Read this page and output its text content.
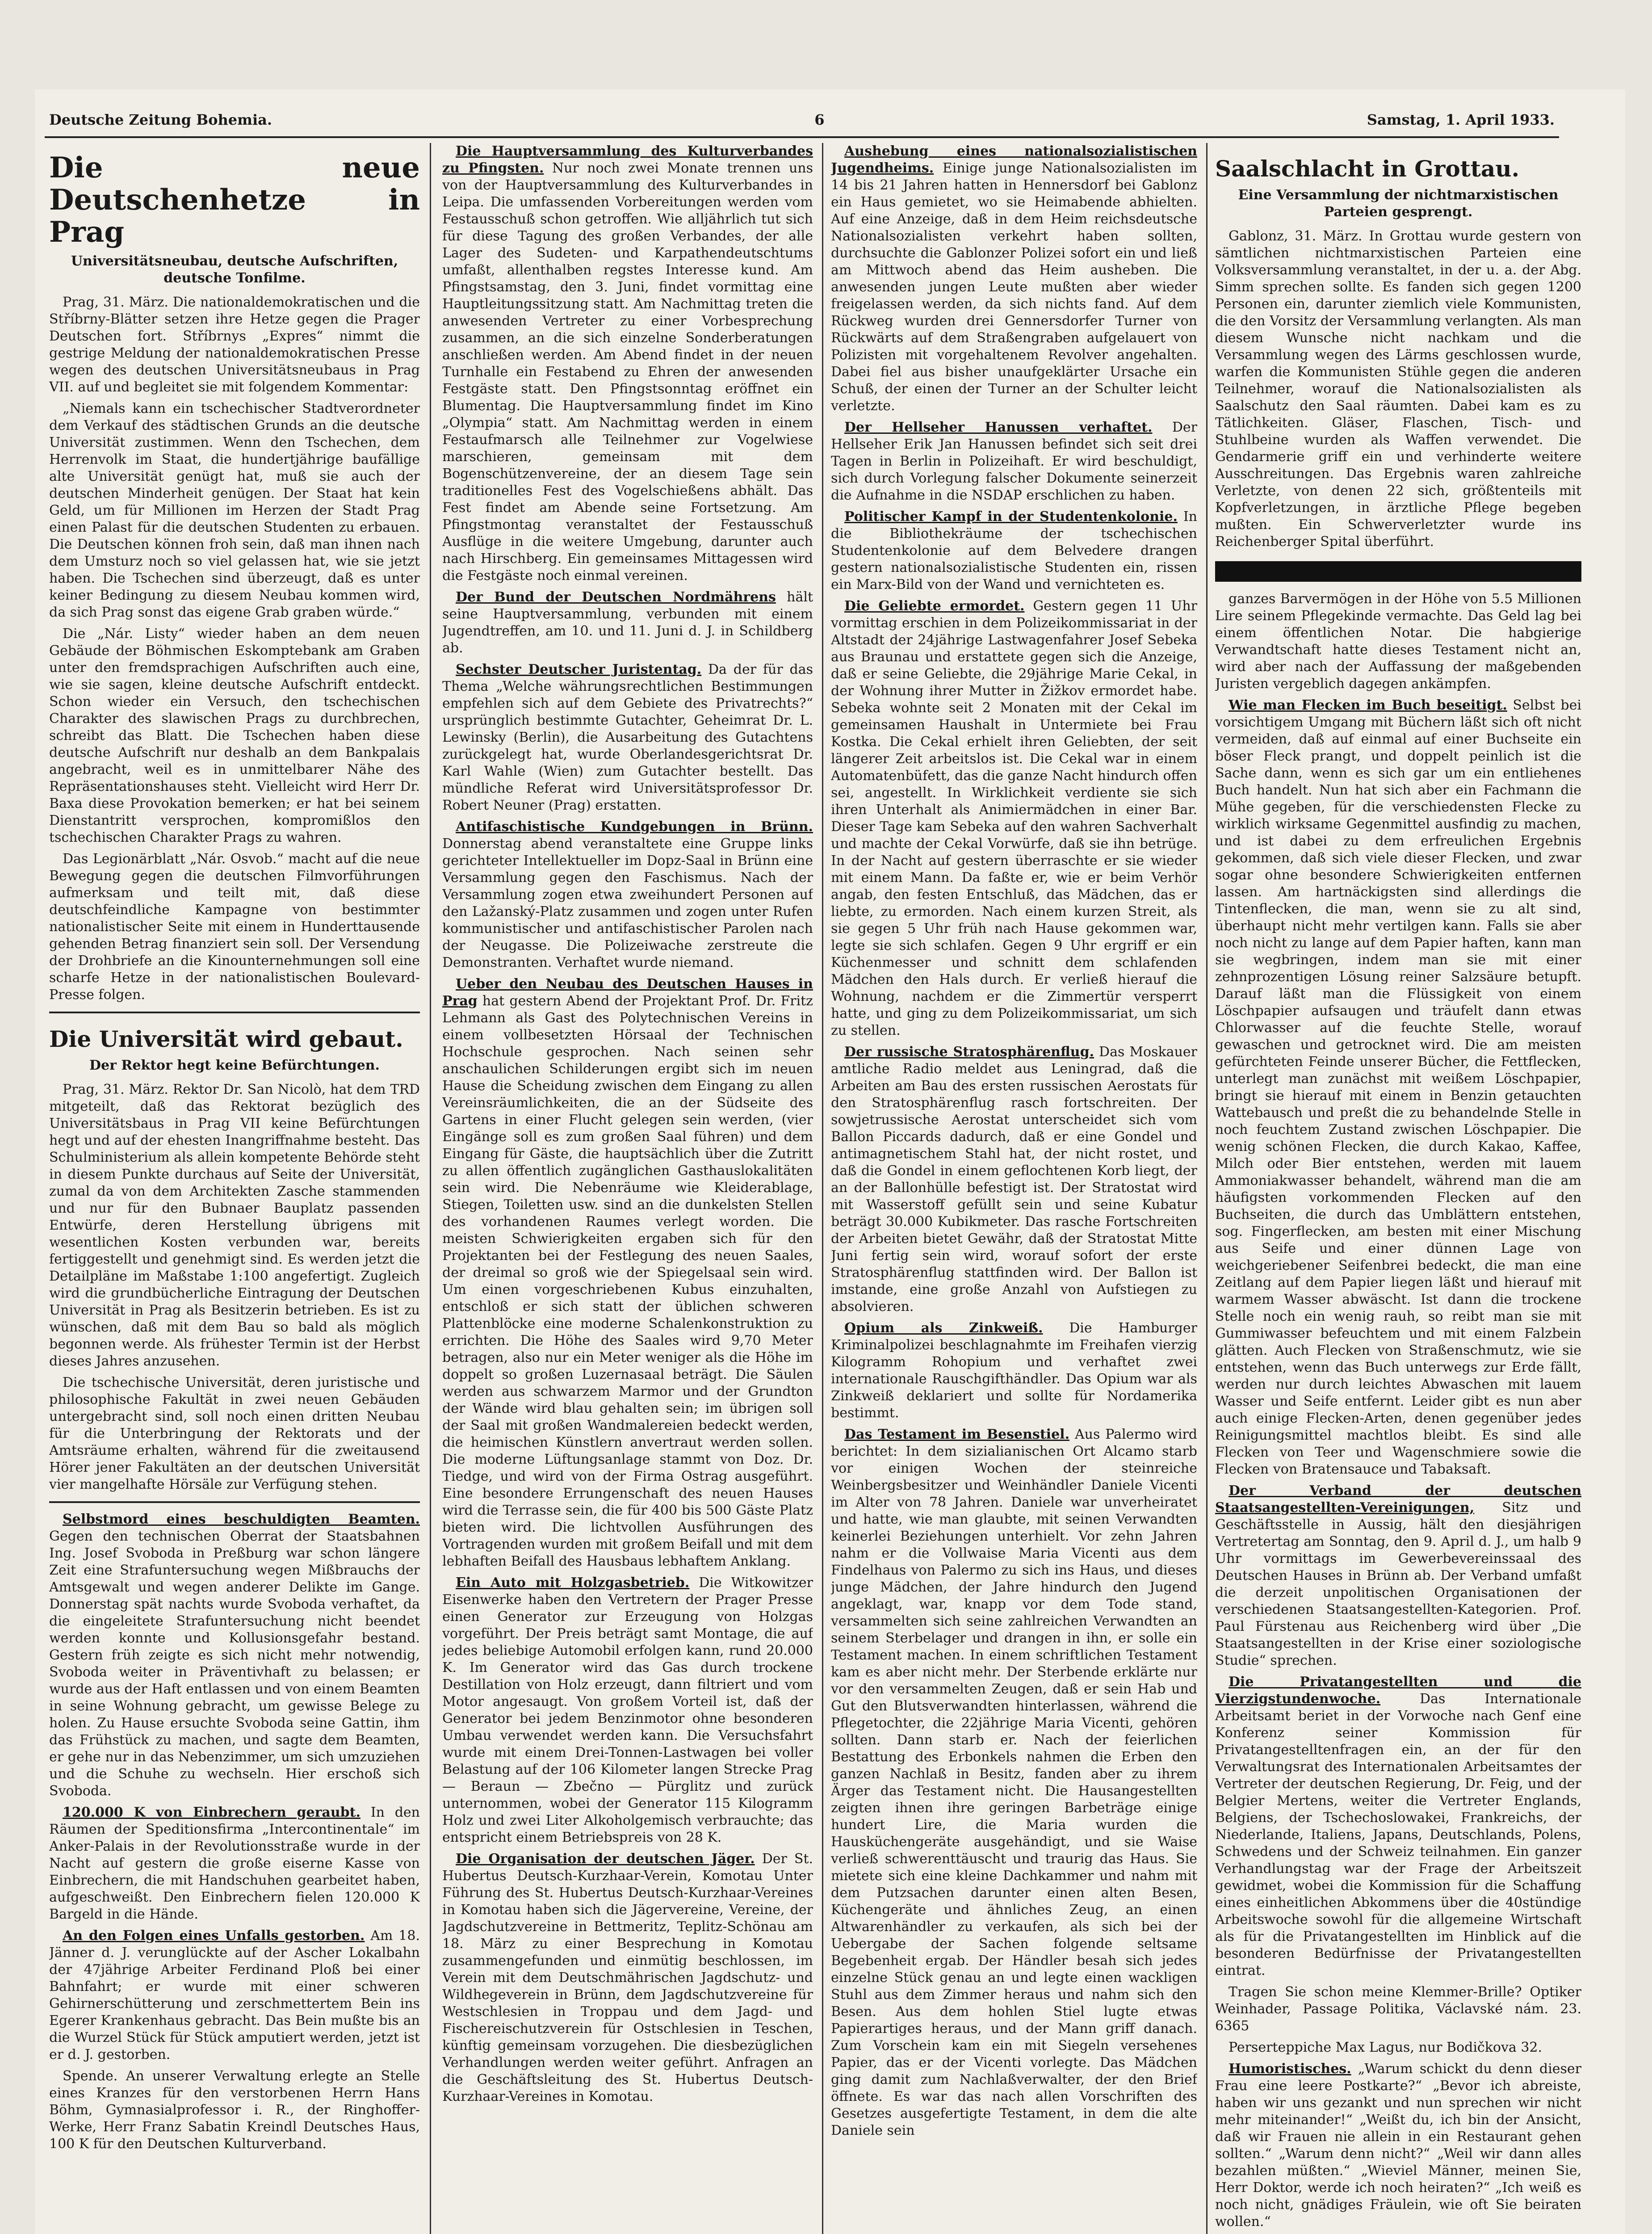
Deutsche Zeitung Bohemia.	6	Samstag, 1. April 1933.
Die neue Deutschenhetze in Prag
Universitätsneubau, deutsche Aufschriften, deutsche Tonfilme.

Prag, 31. März. Die nationaldemokratischen und die Stříbrny-Blätter setzen ihre Hetze gegen die Prager Deutschen fort. Stříbrnys „Expres“ nimmt die gestrige Meldung der nationaldemokratischen Presse wegen des deutschen Universitätsneubaus in Prag VII. auf und begleitet sie mit folgendem Kommentar:

„Niemals kann ein tschechischer Stadtverordneter dem Verkauf des städtischen Grunds an die deutsche Universität zustimmen. Wenn den Tschechen, dem Herrenvolk im Staat, die hundertjährige baufällige alte Universität genügt hat, muß sie auch der deutschen Minderheit genügen. Der Staat hat kein Geld, um für Millionen im Herzen der Stadt Prag einen Palast für die deutschen Studenten zu erbauen. Die Deutschen können froh sein, daß man ihnen nach dem Umsturz noch so viel gelassen hat, wie sie jetzt haben. Die Tschechen sind überzeugt, daß es unter keiner Bedingung zu diesem Neubau kommen wird, da sich Prag sonst das eigene Grab graben würde.“

Die „Nár. Listy“ wieder haben an dem neuen Gebäude der Böhmischen Eskomptebank am Graben unter den fremdsprachigen Aufschriften auch eine, wie sie sagen, kleine deutsche Aufschrift entdeckt. Schon wieder ein Versuch, den tschechischen Charakter des slawischen Prags zu durchbrechen, schreibt das Blatt. Die Tschechen haben diese deutsche Aufschrift nur deshalb an dem Bankpalais angebracht, weil es in unmittelbarer Nähe des Repräsentationshauses steht. Vielleicht wird Herr Dr. Baxa diese Provokation bemerken; er hat bei seinem Dienstantritt versprochen, kompromißlos den tschechischen Charakter Prags zu wahren.

Das Legionärblatt „Nár. Osvob.“ macht auf die neue Bewegung gegen die deutschen Filmvorführungen aufmerksam und teilt mit, daß diese deutschfeindliche Kampagne von bestimmter nationalistischer Seite mit einem in Hunderttausende gehenden Betrag finanziert sein soll. Der Versendung der Drohbriefe an die Kinounternehmungen soll eine scharfe Hetze in der nationalistischen Boulevard-Presse folgen.

Die Universität wird gebaut.
Der Rektor hegt keine Befürchtungen.

Prag, 31. März. Rektor Dr. San Nicolò, hat dem TRD mitgeteilt, daß das Rektorat bezüglich des Universitätsbaus in Prag VII keine Befürchtungen hegt und auf der ehesten Inangriffnahme besteht. Das Schulministerium als allein kompetente Behörde steht in diesem Punkte durchaus auf Seite der Universität, zumal da von dem Architekten Zasche stammenden und nur für den Bubnaer Bauplatz passenden Entwürfe, deren Herstellung übrigens mit wesentlichen Kosten verbunden war, bereits fertiggestellt und genehmigt sind. Es werden jetzt die Detailpläne im Maßstabe 1:100 angefertigt. Zugleich wird die grundbücherliche Eintragung der Deutschen Universität in Prag als Besitzerin betrieben. Es ist zu wünschen, daß mit dem Bau so bald als möglich begonnen werde. Als frühester Termin ist der Herbst dieses Jahres anzusehen.

Die tschechische Universität, deren juristische und philosophische Fakultät in zwei neuen Gebäuden untergebracht sind, soll noch einen dritten Neubau für die Unterbringung der Rektorats und der Amtsräume erhalten, während für die zweitausend Hörer jener Fakultäten an der deutschen Universität vier mangelhafte Hörsäle zur Verfügung stehen.

Selbstmord eines beschuldigten Beamten. Gegen den technischen Oberrat der Staatsbahnen Ing. Josef Svoboda in Preßburg war schon längere Zeit eine Strafuntersuchung wegen Mißbrauchs der Amtsgewalt und wegen anderer Delikte im Gange. Donnerstag spät nachts wurde Svoboda verhaftet, da die eingeleitete Strafuntersuchung nicht beendet werden konnte und Kollusionsgefahr bestand. Gestern früh zeigte es sich nicht mehr notwendig, Svoboda weiter in Präventivhaft zu belassen; er wurde aus der Haft entlassen und von einem Beamten in seine Wohnung gebracht, um gewisse Belege zu holen. Zu Hause ersuchte Svoboda seine Gattin, ihm das Frühstück zu machen, und sagte dem Beamten, er gehe nur in das Nebenzimmer, um sich umzuziehen und die Schuhe zu wechseln. Hier erschoß sich Svoboda.

120.000 K von Einbrechern geraubt. In den Räumen der Speditionsfirma „Intercontinentale“ im Anker-Palais in der Revolutionsstraße wurde in der Nacht auf gestern die große eiserne Kasse von Einbrechern, die mit Handschuhen gearbeitet haben, aufgeschweißt. Den Einbrechern fielen 120.000 K Bargeld in die Hände.

An den Folgen eines Unfalls gestorben. Am 18. Jänner d. J. verunglückte auf der Ascher Lokalbahn der 47jährige Arbeiter Ferdinand Ploß bei einer Bahnfahrt; er wurde mit einer schweren Gehirnerschütterung und zerschmettertem Bein ins Egerer Krankenhaus gebracht. Das Bein mußte bis an die Wurzel Stück für Stück amputiert werden, jetzt ist er d. J. gestorben.

Spende. An unserer Verwaltung erlegte an Stelle eines Kranzes für den verstorbenen Herrn Hans Böhm, Gymnasialprofessor i. R., der Ringhoffer-Werke, Herr Franz Sabatin Kreindl Deutsches Haus, 100 K für den Deutschen Kulturverband.

Die Hauptversammlung des Kulturverbandes zu Pfingsten. Nur noch zwei Monate trennen uns von der Hauptversammlung des Kulturverbandes in Leipa. Die umfassenden Vorbereitungen werden vom Festausschuß schon getroffen. Wie alljährlich tut sich für diese Tagung des großen Verbandes, der alle Lager des Sudeten- und Karpathendeutschtums umfaßt, allenthalben regstes Interesse kund. Am Pfingstsamstag, den 3. Juni, findet vormittag eine Hauptleitungssitzung statt. Am Nachmittag treten die anwesenden Vertreter zu einer Vorbesprechung zusammen, an die sich einzelne Sonderberatungen anschließen werden. Am Abend findet in der neuen Turnhalle ein Festabend zu Ehren der anwesenden Festgäste statt. Den Pfingstsonntag eröffnet ein Blumentag. Die Hauptversammlung findet im Kino „Olympia“ statt. Am Nachmittag werden in einem Festaufmarsch alle Teilnehmer zur Vogelwiese marschieren, gemeinsam mit dem Bogenschützenvereine, der an diesem Tage sein traditionelles Fest des Vogelschießens abhält. Das Fest findet am Abende seine Fortsetzung. Am Pfingstmontag veranstaltet der Festausschuß Ausflüge in die weitere Umgebung, darunter auch nach Hirschberg. Ein gemeinsames Mittagessen wird die Festgäste noch einmal vereinen.

Der Bund der Deutschen Nordmährens hält seine Hauptversammlung, verbunden mit einem Jugendtreffen, am 10. und 11. Juni d. J. in Schildberg ab.

Sechster Deutscher Juristentag. Da der für das Thema „Welche währungsrechtlichen Bestimmungen empfehlen sich auf dem Gebiete des Privatrechts?“ ursprünglich bestimmte Gutachter, Geheimrat Dr. L. Lewinsky (Berlin), die Ausarbeitung des Gutachtens zurückgelegt hat, wurde Oberlandesgerichtsrat Dr. Karl Wahle (Wien) zum Gutachter bestellt. Das mündliche Referat wird Universitätsprofessor Dr. Robert Neuner (Prag) erstatten.

Antifaschistische Kundgebungen in Brünn. Donnerstag abend veranstaltete eine Gruppe links gerichteter Intellektueller im Dopz-Saal in Brünn eine Versammlung gegen den Faschismus. Nach der Versammlung zogen etwa zweihundert Personen auf den Lažanský-Platz zusammen und zogen unter Rufen kommunistischer und antifaschistischer Parolen nach der Neugasse. Die Polizeiwache zerstreute die Demonstranten. Verhaftet wurde niemand.

Ueber den Neubau des Deutschen Hauses in Prag hat gestern Abend der Projektant Prof. Dr. Fritz Lehmann als Gast des Polytechnischen Vereins in einem vollbesetzten Hörsaal der Technischen Hochschule gesprochen. Nach seinen sehr anschaulichen Schilderungen ergibt sich im neuen Hause die Scheidung zwischen dem Eingang zu allen Vereinsräumlichkeiten, die an der Südseite des Gartens in einer Flucht gelegen sein werden, (vier Eingänge soll es zum großen Saal führen) und dem Eingang für Gäste, die hauptsächlich über die Zutritt zu allen öffentlich zugänglichen Gasthauslokalitäten sein wird. Die Nebenräume wie Kleiderablage, Stiegen, Toiletten usw. sind an die dunkelsten Stellen des vorhandenen Raumes verlegt worden. Die meisten Schwierigkeiten ergaben sich für den Projektanten bei der Festlegung des neuen Saales, der dreimal so groß wie der Spiegelsaal sein wird. Um einen vorgeschriebenen Kubus einzuhalten, entschloß er sich statt der üblichen schweren Plattenblöcke eine moderne Schalenkonstruktion zu errichten. Die Höhe des Saales wird 9,70 Meter betragen, also nur ein Meter weniger als die Höhe im doppelt so großen Luzernasaal beträgt. Die Säulen werden aus schwarzem Marmor und der Grundton der Wände wird blau gehalten sein; im übrigen soll der Saal mit großen Wandmalereien bedeckt werden, die heimischen Künstlern anvertraut werden sollen. Die moderne Lüftungsanlage stammt von Doz. Dr. Tiedge, und wird von der Firma Ostrag ausgeführt. Eine besondere Errungenschaft des neuen Hauses wird die Terrasse sein, die für 400 bis 500 Gäste Platz bieten wird. Die lichtvollen Ausführungen des Vortragenden wurden mit großem Beifall und mit dem lebhaften Beifall des Hausbaus lebhaftem Anklang.

Ein Auto mit Holzgasbetrieb. Die Witkowitzer Eisenwerke haben den Vertretern der Prager Presse einen Generator zur Erzeugung von Holzgas vorgeführt. Der Preis beträgt samt Montage, die auf jedes beliebige Automobil erfolgen kann, rund 20.000 K. Im Generator wird das Gas durch trockene Destillation von Holz erzeugt, dann filtriert und vom Motor angesaugt. Von großem Vorteil ist, daß der Generator bei jedem Benzinmotor ohne besonderen Umbau verwendet werden kann. Die Versuchsfahrt wurde mit einem Drei-Tonnen-Lastwagen bei voller Belastung auf der 106 Kilometer langen Strecke Prag — Beraun — Zbečno — Pürglitz und zurück unternommen, wobei der Generator 115 Kilogramm Holz und zwei Liter Alkoholgemisch verbrauchte; das entspricht einem Betriebspreis von 28 K.

Die Organisation der deutschen Jäger. Der St. Hubertus Deutsch-Kurzhaar-Verein, Komotau Unter Führung des St. Hubertus Deutsch-Kurzhaar-Vereines in Komotau haben sich die Jägervereine, Vereine, der Jagdschutzvereine in Bettmeritz, Teplitz-Schönau am 18. März zu einer Besprechung in Komotau zusammengefunden und einmütig beschlossen, im Verein mit dem Deutschmährischen Jagdschutz- und Wildhegeverein in Brünn, dem Jagdschutzvereine für Westschlesien in Troppau und dem Jagd- und Fischereischutzverein für Ostschlesien in Teschen, künftig gemeinsam vorzugehen. Die diesbezüglichen Verhandlungen werden weiter geführt. Anfragen an die Geschäftsleitung des St. Hubertus Deutsch-Kurzhaar-Vereines in Komotau.

Aushebung eines nationalsozialistischen Jugendheims. Einige junge Nationalsozialisten im 14 bis 21 Jahren hatten in Hennersdorf bei Gablonz ein Haus gemietet, wo sie Heimabende abhielten. Auf eine Anzeige, daß in dem Heim reichsdeutsche Nationalsozialisten verkehrt haben sollten, durchsuchte die Gablonzer Polizei sofort ein und ließ am Mittwoch abend das Heim ausheben. Die anwesenden jungen Leute mußten aber wieder freigelassen werden, da sich nichts fand. Auf dem Rückweg wurden drei Gennersdorfer Turner von Rückwärts auf dem Straßengraben aufgelauert von Polizisten mit vorgehaltenem Revolver angehalten. Dabei fiel aus bisher unaufgeklärter Ursache ein Schuß, der einen der Turner an der Schulter leicht verletzte.

Der Hellseher Hanussen verhaftet. Der Hellseher Erik Jan Hanussen befindet sich seit drei Tagen in Berlin in Polizeihaft. Er wird beschuldigt, sich durch Vorlegung falscher Dokumente seinerzeit die Aufnahme in die NSDAP erschlichen zu haben.

Politischer Kampf in der Studentenkolonie. In die Bibliothekräume der tschechischen Studentenkolonie auf dem Belvedere drangen gestern nationalsozialistische Studenten ein, rissen ein Marx-Bild von der Wand und vernichteten es.

Die Geliebte ermordet. Gestern gegen 11 Uhr vormittag erschien in dem Polizeikommissariat in der Altstadt der 24jährige Lastwagenfahrer Josef Sebeka aus Braunau und erstattete gegen sich die Anzeige, daß er seine Geliebte, die 29jährige Marie Cekal, in der Wohnung ihrer Mutter in Žižkov ermordet habe. Sebeka wohnte seit 2 Monaten mit der Cekal im gemeinsamen Haushalt in Untermiete bei Frau Kostka. Die Cekal erhielt ihren Geliebten, der seit längerer Zeit arbeitslos ist. Die Cekal war in einem Automatenbüfett, das die ganze Nacht hindurch offen sei, angestellt. In Wirklichkeit verdiente sie sich ihren Unterhalt als Animiermädchen in einer Bar. Dieser Tage kam Sebeka auf den wahren Sachverhalt und machte der Cekal Vorwürfe, daß sie ihn betrüge. In der Nacht auf gestern überraschte er sie wieder mit einem Mann. Da faßte er, wie er beim Verhör angab, den festen Entschluß, das Mädchen, das er liebte, zu ermorden. Nach einem kurzen Streit, als sie gegen 5 Uhr früh nach Hause gekommen war, legte sie sich schlafen. Gegen 9 Uhr ergriff er ein Küchenmesser und schnitt dem schlafenden Mädchen den Hals durch. Er verließ hierauf die Wohnung, nachdem er die Zimmertür versperrt hatte, und ging zu dem Polizeikommissariat, um sich zu stellen.

Der russische Stratosphärenflug. Das Moskauer amtliche Radio meldet aus Leningrad, daß die Arbeiten am Bau des ersten russischen Aerostats für den Stratosphärenflug rasch fortschreiten. Der sowjetrussische Aerostat unterscheidet sich vom Ballon Piccards dadurch, daß er eine Gondel und antimagnetischem Stahl hat, der nicht rostet, und daß die Gondel in einem geflochtenen Korb liegt, der an der Ballonhülle befestigt ist. Der Stratostat wird mit Wasserstoff gefüllt sein und seine Kubatur beträgt 30.000 Kubikmeter. Das rasche Fortschreiten der Arbeiten bietet Gewähr, daß der Stratostat Mitte Juni fertig sein wird, worauf sofort der erste Stratosphärenflug stattfinden wird. Der Ballon ist imstande, eine große Anzahl von Aufstiegen zu absolvieren.

Opium als Zinkweiß. Die Hamburger Kriminalpolizei beschlagnahmte im Freihafen vierzig Kilogramm Rohopium und verhaftet zwei internationale Rauschgifthändler. Das Opium war als Zinkweiß deklariert und sollte für Nordamerika bestimmt.

Das Testament im Besenstiel. Aus Palermo wird berichtet: In dem sizialianischen Ort Alcamo starb vor einigen Wochen der steinreiche Weinbergsbesitzer und Weinhändler Daniele Vicenti im Alter von 78 Jahren. Daniele war unverheiratet und hatte, wie man glaubte, mit seinen Verwandten keinerlei Beziehungen unterhielt. Vor zehn Jahren nahm er die Vollwaise Maria Vicenti aus dem Findelhaus von Palermo zu sich ins Haus, und dieses junge Mädchen, der Jahre hindurch den Jugend angeklagt, war, knapp vor dem Tode stand, versammelten sich seine zahlreichen Verwandten an seinem Sterbelager und drangen in ihn, er solle ein Testament machen. In einem schriftlichen Testament kam es aber nicht mehr. Der Sterbende erklärte nur vor den versammelten Zeugen, daß er sein Hab und Gut den Blutsverwandten hinterlassen, während die Pflegetochter, die 22jährige Maria Vicenti, gehören sollten. Dann starb er. Nach der feierlichen Bestattung des Erbonkels nahmen die Erben den ganzen Nachlaß in Besitz, fanden aber zu ihrem Ärger das Testament nicht. Die Hausangestellten zeigten ihnen ihre geringen Barbeträge einige hundert Lire, die Maria wurden die Hausküchengeräte ausgehändigt, und sie Waise verließ schwerenttäuscht und traurig das Haus. Sie mietete sich eine kleine Dachkammer und nahm mit dem Putzsachen darunter einen alten Besen, Küchengeräte und ähnliches Zeug, an einen Altwarenhändler zu verkaufen, als sich bei der Uebergabe der Sachen folgende seltsame Begebenheit ergab. Der Händler besah sich jedes einzelne Stück genau an und legte einen wackligen Stuhl aus dem Zimmer heraus und nahm sich den Besen. Aus dem hohlen Stiel lugte etwas Papierartiges heraus, und der Mann griff danach. Zum Vorschein kam ein mit Siegeln versehenes Papier, das er der Vicenti vorlegte. Das Mädchen ging damit zum Nachlaßverwalter, der den Brief öffnete. Es war das nach allen Vorschriften des Gesetzes ausgefertigte Testament, in dem die alte Daniele sein

Saalschlacht in Grottau.
Eine Versammlung der nichtmarxistischen Parteien gesprengt.

Gablonz, 31. März. In Grottau wurde gestern von sämtlichen nichtmarxistischen Parteien eine Volksversammlung veranstaltet, in der u. a. der Abg. Simm sprechen sollte. Es fanden sich gegen 1200 Personen ein, darunter ziemlich viele Kommunisten, die den Vorsitz der Versammlung verlangten. Als man diesem Wunsche nicht nachkam und die Versammlung wegen des Lärms geschlossen wurde, warfen die Kommunisten Stühle gegen die anderen Teilnehmer, worauf die Nationalsozialisten als Saalschutz den Saal räumten. Dabei kam es zu Tätlichkeiten. Gläser, Flaschen, Tisch- und Stuhlbeine wurden als Waffen verwendet. Die Gendarmerie griff ein und verhinderte weitere Ausschreitungen. Das Ergebnis waren zahlreiche Verletzte, von denen 22 sich, größtenteils mit Kopfverletzungen, in ärztliche Pflege begeben mußten. Ein Schwerverletzter wurde ins Reichenberger Spital überführt.

ganzes Barvermögen in der Höhe von 5.5 Millionen Lire seinem Pflegekinde vermachte. Das Geld lag bei einem öffentlichen Notar. Die habgierige Verwandtschaft hatte dieses Testament nicht an, wird aber nach der Auffassung der maßgebenden Juristen vergeblich dagegen ankämpfen.

Wie man Flecken im Buch beseitigt. Selbst bei vorsichtigem Umgang mit Büchern läßt sich oft nicht vermeiden, daß auf einmal auf einer Buchseite ein böser Fleck prangt, und doppelt peinlich ist die Sache dann, wenn es sich gar um ein entliehenes Buch handelt. Nun hat sich aber ein Fachmann die Mühe gegeben, für die verschiedensten Flecke zu wirklich wirksame Gegenmittel ausfindig zu machen, und ist dabei zu dem erfreulichen Ergebnis gekommen, daß sich viele dieser Flecken, und zwar sogar ohne besondere Schwierigkeiten entfernen lassen. Am hartnäckigsten sind allerdings die Tintenflecken, die man, wenn sie zu alt sind, überhaupt nicht mehr vertilgen kann. Falls sie aber noch nicht zu lange auf dem Papier haften, kann man sie wegbringen, indem man sie mit einer zehnprozentigen Lösung reiner Salzsäure betupft. Darauf läßt man die Flüssigkeit von einem Löschpapier aufsaugen und träufelt dann etwas Chlorwasser auf die feuchte Stelle, worauf gewaschen und getrocknet wird. Die am meisten gefürchteten Feinde unserer Bücher, die Fettflecken, unterlegt man zunächst mit weißem Löschpapier, bringt sie hierauf mit einem in Benzin getauchten Wattebausch und preßt die zu behandelnde Stelle in noch feuchtem Zustand zwischen Löschpapier. Die wenig schönen Flecken, die durch Kakao, Kaffee, Milch oder Bier entstehen, werden mit lauem Ammoniakwasser behandelt, während man die am häufigsten vorkommenden Flecken auf den Buchseiten, die durch das Umblättern entstehen, sog. Fingerflecken, am besten mit einer Mischung aus Seife und einer dünnen Lage von weichgeriebener Seifenbrei bedeckt, die man eine Zeitlang auf dem Papier liegen läßt und hierauf mit warmem Wasser abwäscht. Ist dann die trockene Stelle noch ein wenig rauh, so reibt man sie mit Gummiwasser befeuchtem und mit einem Falzbein glätten. Auch Flecken von Straßenschmutz, wie sie entstehen, wenn das Buch unterwegs zur Erde fällt, werden nur durch leichtes Abwaschen mit lauem Wasser und Seife entfernt. Leider gibt es nun aber auch einige Flecken-Arten, denen gegenüber jedes Reinigungsmittel machtlos bleibt. Es sind alle Flecken von Teer und Wagenschmiere sowie die Flecken von Bratensauce und Tabaksaft.

Der Verband der deutschen Staatsangestellten-Vereinigungen, Sitz und Geschäftsstelle in Aussig, hält den diesjährigen Vertretertag am Sonntag, den 9. April d. J., um halb 9 Uhr vormittags im Gewerbevereinssaal des Deutschen Hauses in Brünn ab. Der Verband umfaßt die derzeit unpolitischen Organisationen der verschiedenen Staatsangestellten-Kategorien. Prof. Paul Fürstenau aus Reichenberg wird über „Die Staatsangestellten in der Krise einer soziologische Studie“ sprechen.

Die Privatangestellten und die Vierzigstundenwoche.	Das Internationale Arbeitsamt beriet in der Vorwoche nach Genf eine Konferenz seiner Kommission für Privatangestelltenfragen ein, an der für den Verwaltungsrat des Internationalen Arbeitsamtes der Vertreter der deutschen Regierung, Dr. Feig, und der Belgier Mertens, weiter die Vertreter Englands, Belgiens, der Tschechoslowakei, Frankreichs, der Niederlande, Italiens, Japans, Deutschlands, Polens, Schwedens und der Schweiz teilnahmen. Ein ganzer Verhandlungstag war der Frage der Arbeitszeit gewidmet, wobei die Kommission für die Schaffung eines einheitlichen Abkommens über die 40stündige Arbeitswoche sowohl für die allgemeine Wirtschaft als für die Privatangestellten im Hinblick auf die besonderen Bedürfnisse der Privatangestellten eintrat.

Tragen Sie schon meine Klemmer-Brille? Optiker Weinhader, Passage Politika, Václavské nám. 23. 6365

Perserteppiche Max Lagus, nur Bodičkova 32.

Humoristisches. „Warum schickt du denn dieser Frau eine leere Postkarte?“ „Bevor ich abreiste, haben wir uns gezankt und nun sprechen wir nicht mehr miteinander!“ „Weißt du, ich bin der Ansicht, daß wir Frauen nie allein in ein Restaurant gehen sollten.“ „Warum denn nicht?“ „Weil wir dann alles bezahlen müßten.“ „Wieviel Männer, meinen Sie, Herr Doktor, werde ich noch heiraten?“ „Ich weiß es noch nicht, gnädiges Fräulein, wie oft Sie beiraten wollen.“
